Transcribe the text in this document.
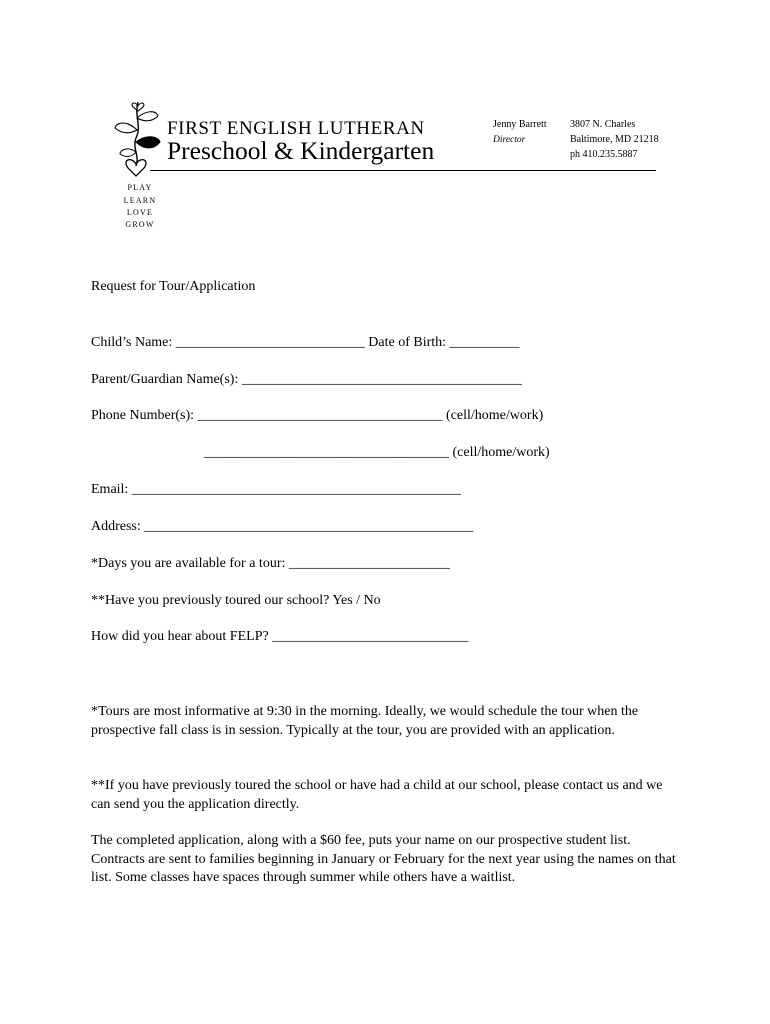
FIRST ENGLISH LUTHERAN
Preschool & Kindergarten
Jenny Barrett
Director
3807 N. Charles
Baltimore, MD 21218
ph 410.235.5887
PLAY
LEARN
LOVE
GROW
Request for Tour/Application
Child’s Name: ___________________________ Date of Birth: __________
Parent/Guardian Name(s): ________________________________________
Phone Number(s): ___________________________________ (cell/home/work)
___________________________________ (cell/home/work)
Email: _______________________________________________
Address: _______________________________________________
*Days you are available for a tour: _______________________
**Have you previously toured our school? Yes / No
How did you hear about FELP? ____________________________
*Tours are most informative at 9:30 in the morning. Ideally, we would schedule the tour when the prospective fall class is in session. Typically at the tour, you are provided with an application.
**If you have previously toured the school or have had a child at our school, please contact us and we can send you the application directly.
The completed application, along with a $60 fee, puts your name on our prospective student list. Contracts are sent to families beginning in January or February for the next year using the names on that list. Some classes have spaces through summer while others have a waitlist.
